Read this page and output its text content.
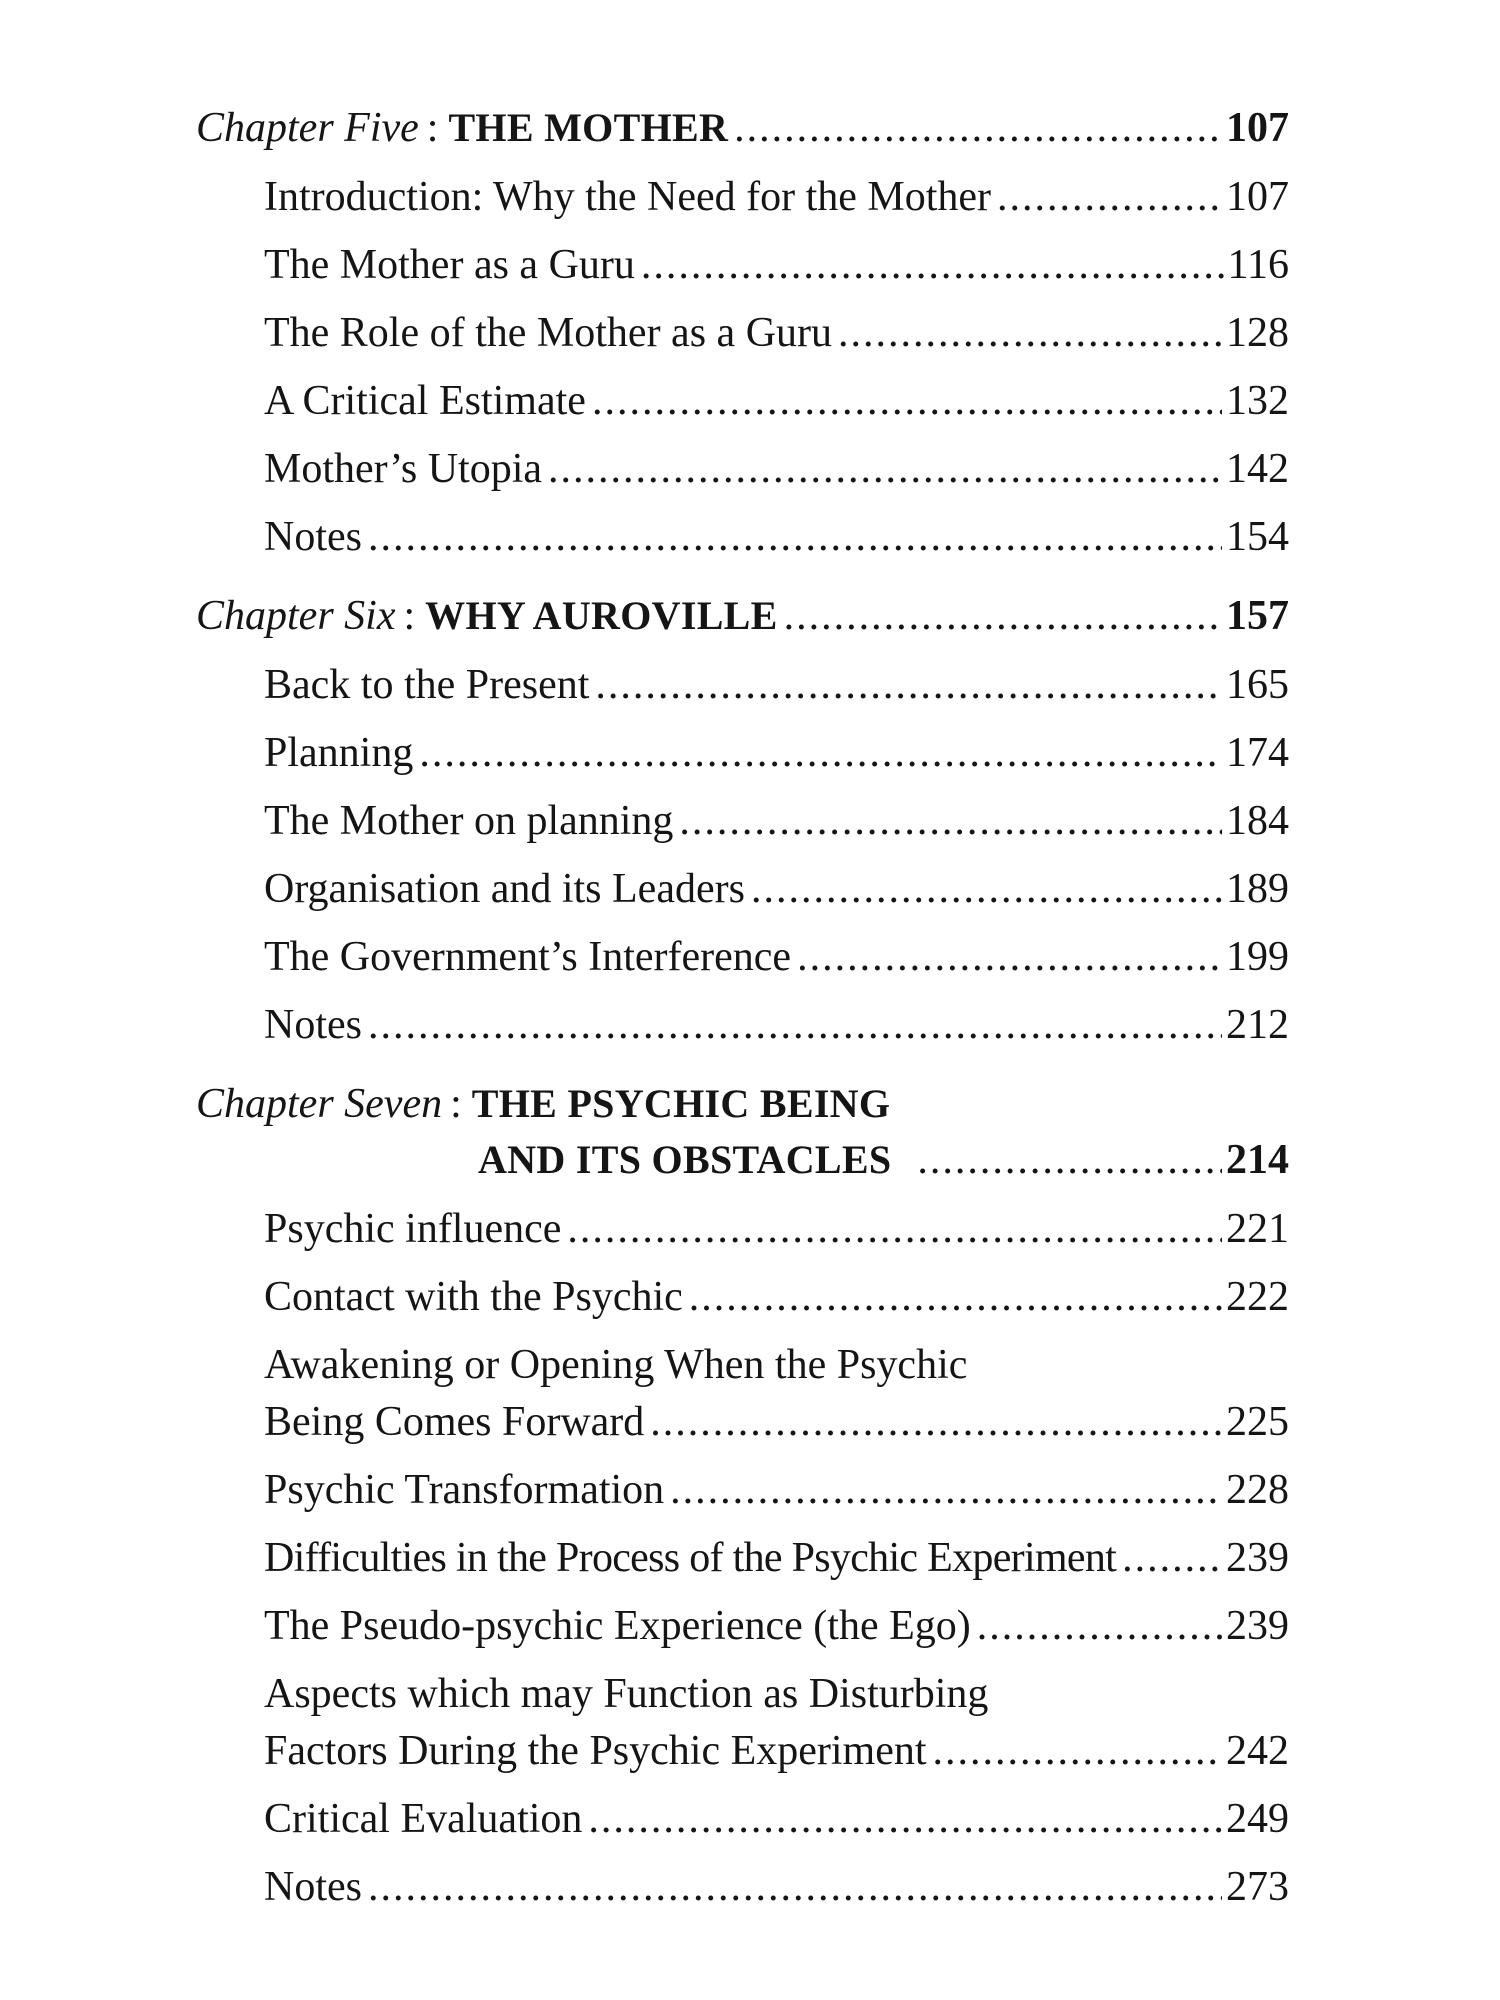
Chapter Five : THE MOTHER .....	107
Introduction: Why the Need for the Mother .....	107
The Mother as a Guru .....	116
The Role of the Mother as a Guru .....	128
A Critical Estimate .....	132
Mother’s Utopia .....	142
Notes .....	154
Chapter Six : WHY AUROVILLE .....	157
Back to the Present .....	165
Planning .....	174
The Mother on planning .....	184
Organisation and its Leaders .....	189
The Government’s Interference .....	199
Notes .....	212
Chapter Seven : THE PSYCHIC BEING
AND ITS OBSTACLES .....	214
Psychic influence .....	221
Contact with the Psychic .....	222
Awakening or Opening When the Psychic
Being Comes Forward .....	225
Psychic Transformation .....	228
Difficulties in the Process of the Psychic Experiment .....	239
The Pseudo-psychic Experience (the Ego) .....	239
Aspects which may Function as Disturbing
Factors During the Psychic Experiment .....	242
Critical Evaluation .....	249
Notes .....	273
